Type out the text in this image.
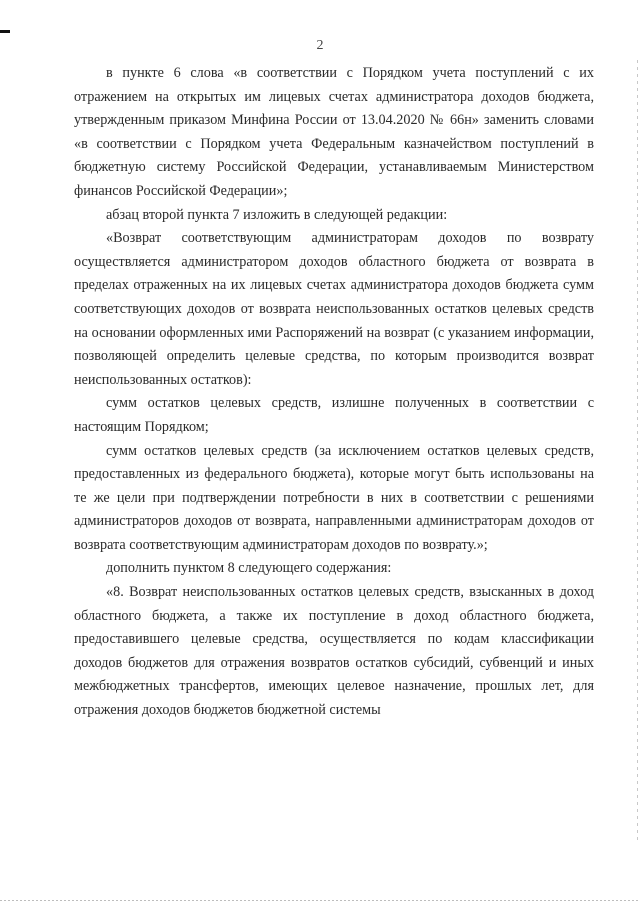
2

в пункте 6 слова «в соответствии с Порядком учета поступлений с их отражением на открытых им лицевых счетах администратора доходов бюджета, утвержденным приказом Минфина России от 13.04.2020 № 66н» заменить словами «в соответствии с Порядком учета Федеральным казначейством поступлений в бюджетную систему Российской Федерации, устанавливаемым Министерством финансов Российской Федерации»;

абзац второй пункта 7 изложить в следующей редакции:

«Возврат соответствующим администраторам доходов по возврату осуществляется администратором доходов областного бюджета от возврата в пределах отраженных на их лицевых счетах администратора доходов бюджета сумм соответствующих доходов от возврата неиспользованных остатков целевых средств на основании оформленных ими Распоряжений на возврат (с указанием информации, позволяющей определить целевые средства, по которым производится возврат неиспользованных остатков):

сумм остатков целевых средств, излишне полученных в соответствии с настоящим Порядком;

сумм остатков целевых средств (за исключением остатков целевых средств, предоставленных из федерального бюджета), которые могут быть использованы на те же цели при подтверждении потребности в них в соответствии с решениями администраторов доходов от возврата, направленными администраторам доходов от возврата соответствующим администраторам доходов по возврату.»;

дополнить пунктом 8 следующего содержания:

«8. Возврат неиспользованных остатков целевых средств, взысканных в доход областного бюджета, а также их поступление в доход областного бюджета, предоставившего целевые средства, осуществляется по кодам классификации доходов бюджетов для отражения возвратов остатков субсидий, субвенций и иных межбюджетных трансфертов, имеющих целевое назначение, прошлых лет, для отражения доходов бюджетов бюджетной системы
